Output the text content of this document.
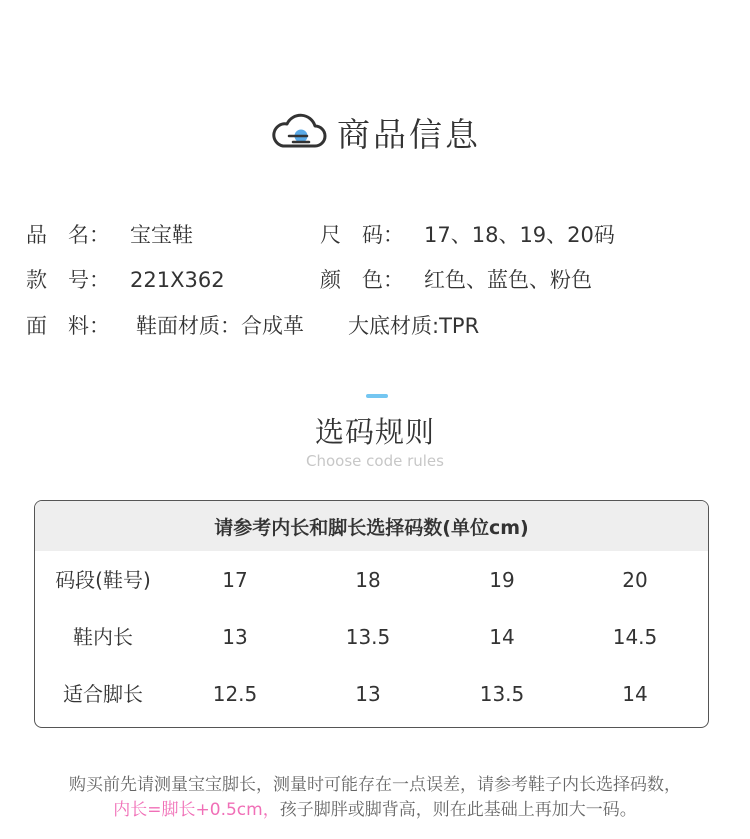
商品信息
品　名： 宝宝鞋	尺　码： 17、18、19、20码
款　号： 221X362	颜　色： 红色、蓝色、粉色
面　料： 鞋面材质：合成革 大底材质:TPR
选码规则
Choose code rules
请参考内长和脚长选择码数(单位cm)
码段(鞋号)	17	18	19	20
鞋内长	13	13.5	14	14.5
适合脚长	12.5	13	13.5	14
购买前先请测量宝宝脚长，测量时可能存在一点误差，请参考鞋子内长选择码数，
内长=脚长+0.5cm，孩子脚胖或脚背高，则在此基础上再加大一码。
